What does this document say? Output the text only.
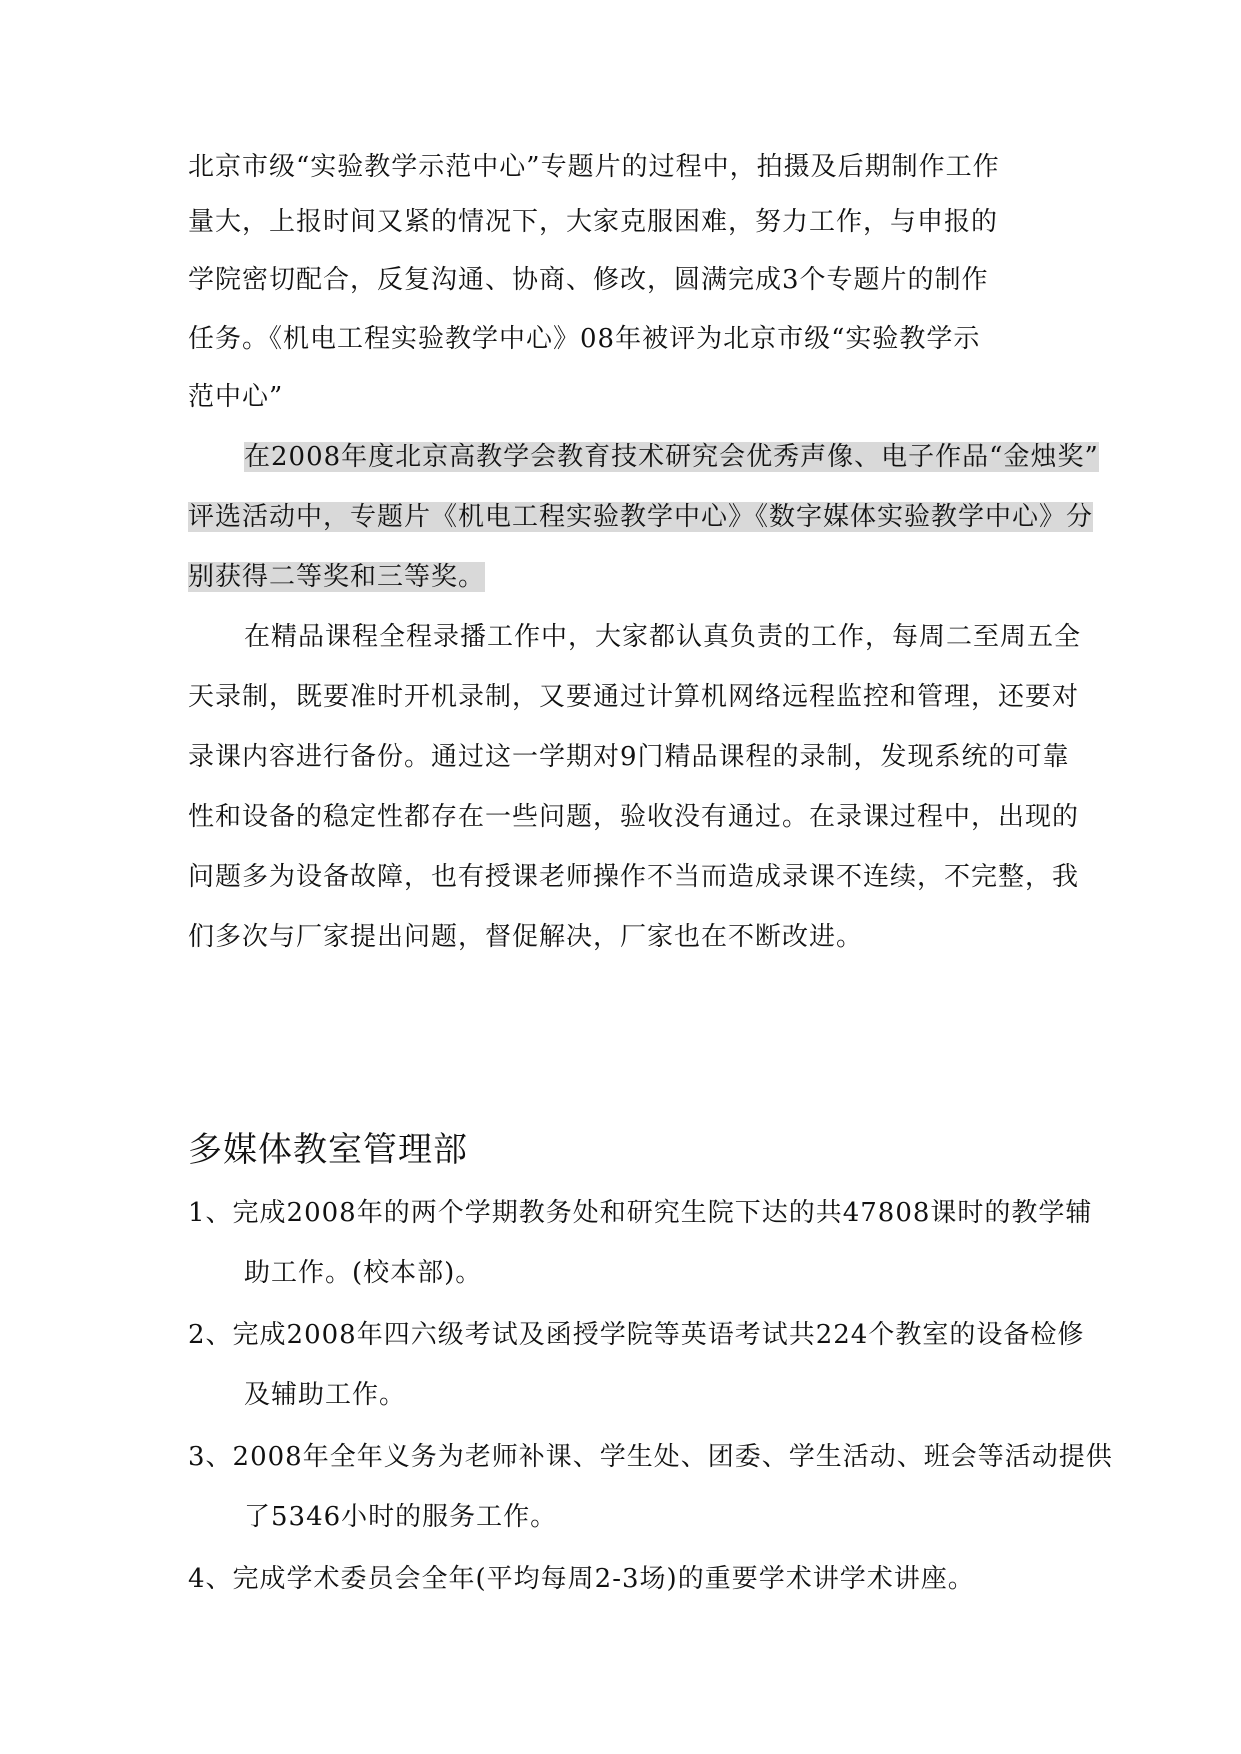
北京市级“实验教学示范中心”专题片的过程中，拍摄及后期制作工作
量大，上报时间又紧的情况下，大家克服困难，努力工作，与申报的
学院密切配合，反复沟通、协商、修改，圆满完成3个专题片的制作
任务。《机电工程实验教学中心》08年被评为北京市级“实验教学示
范中心”
在2008年度北京高教学会教育技术研究会优秀声像、电子作品“金烛奖”
评选活动中，专题片《机电工程实验教学中心》《数字媒体实验教学中心》分
别获得二等奖和三等奖。
在精品课程全程录播工作中，大家都认真负责的工作，每周二至周五全
天录制，既要准时开机录制，又要通过计算机网络远程监控和管理，还要对
录课内容进行备份。通过这一学期对9门精品课程的录制，发现系统的可靠
性和设备的稳定性都存在一些问题，验收没有通过。在录课过程中，出现的
问题多为设备故障，也有授课老师操作不当而造成录课不连续，不完整，我
们多次与厂家提出问题，督促解决，厂家也在不断改进。
多媒体教室管理部
1、完成2008年的两个学期教务处和研究生院下达的共47808课时的教学辅
助工作。(校本部)。
2、完成2008年四六级考试及函授学院等英语考试共224个教室的设备检修
及辅助工作。
3、2008年全年义务为老师补课、学生处、团委、学生活动、班会等活动提供
了5346小时的服务工作。
4、完成学术委员会全年(平均每周2-3场)的重要学术讲学术讲座。
